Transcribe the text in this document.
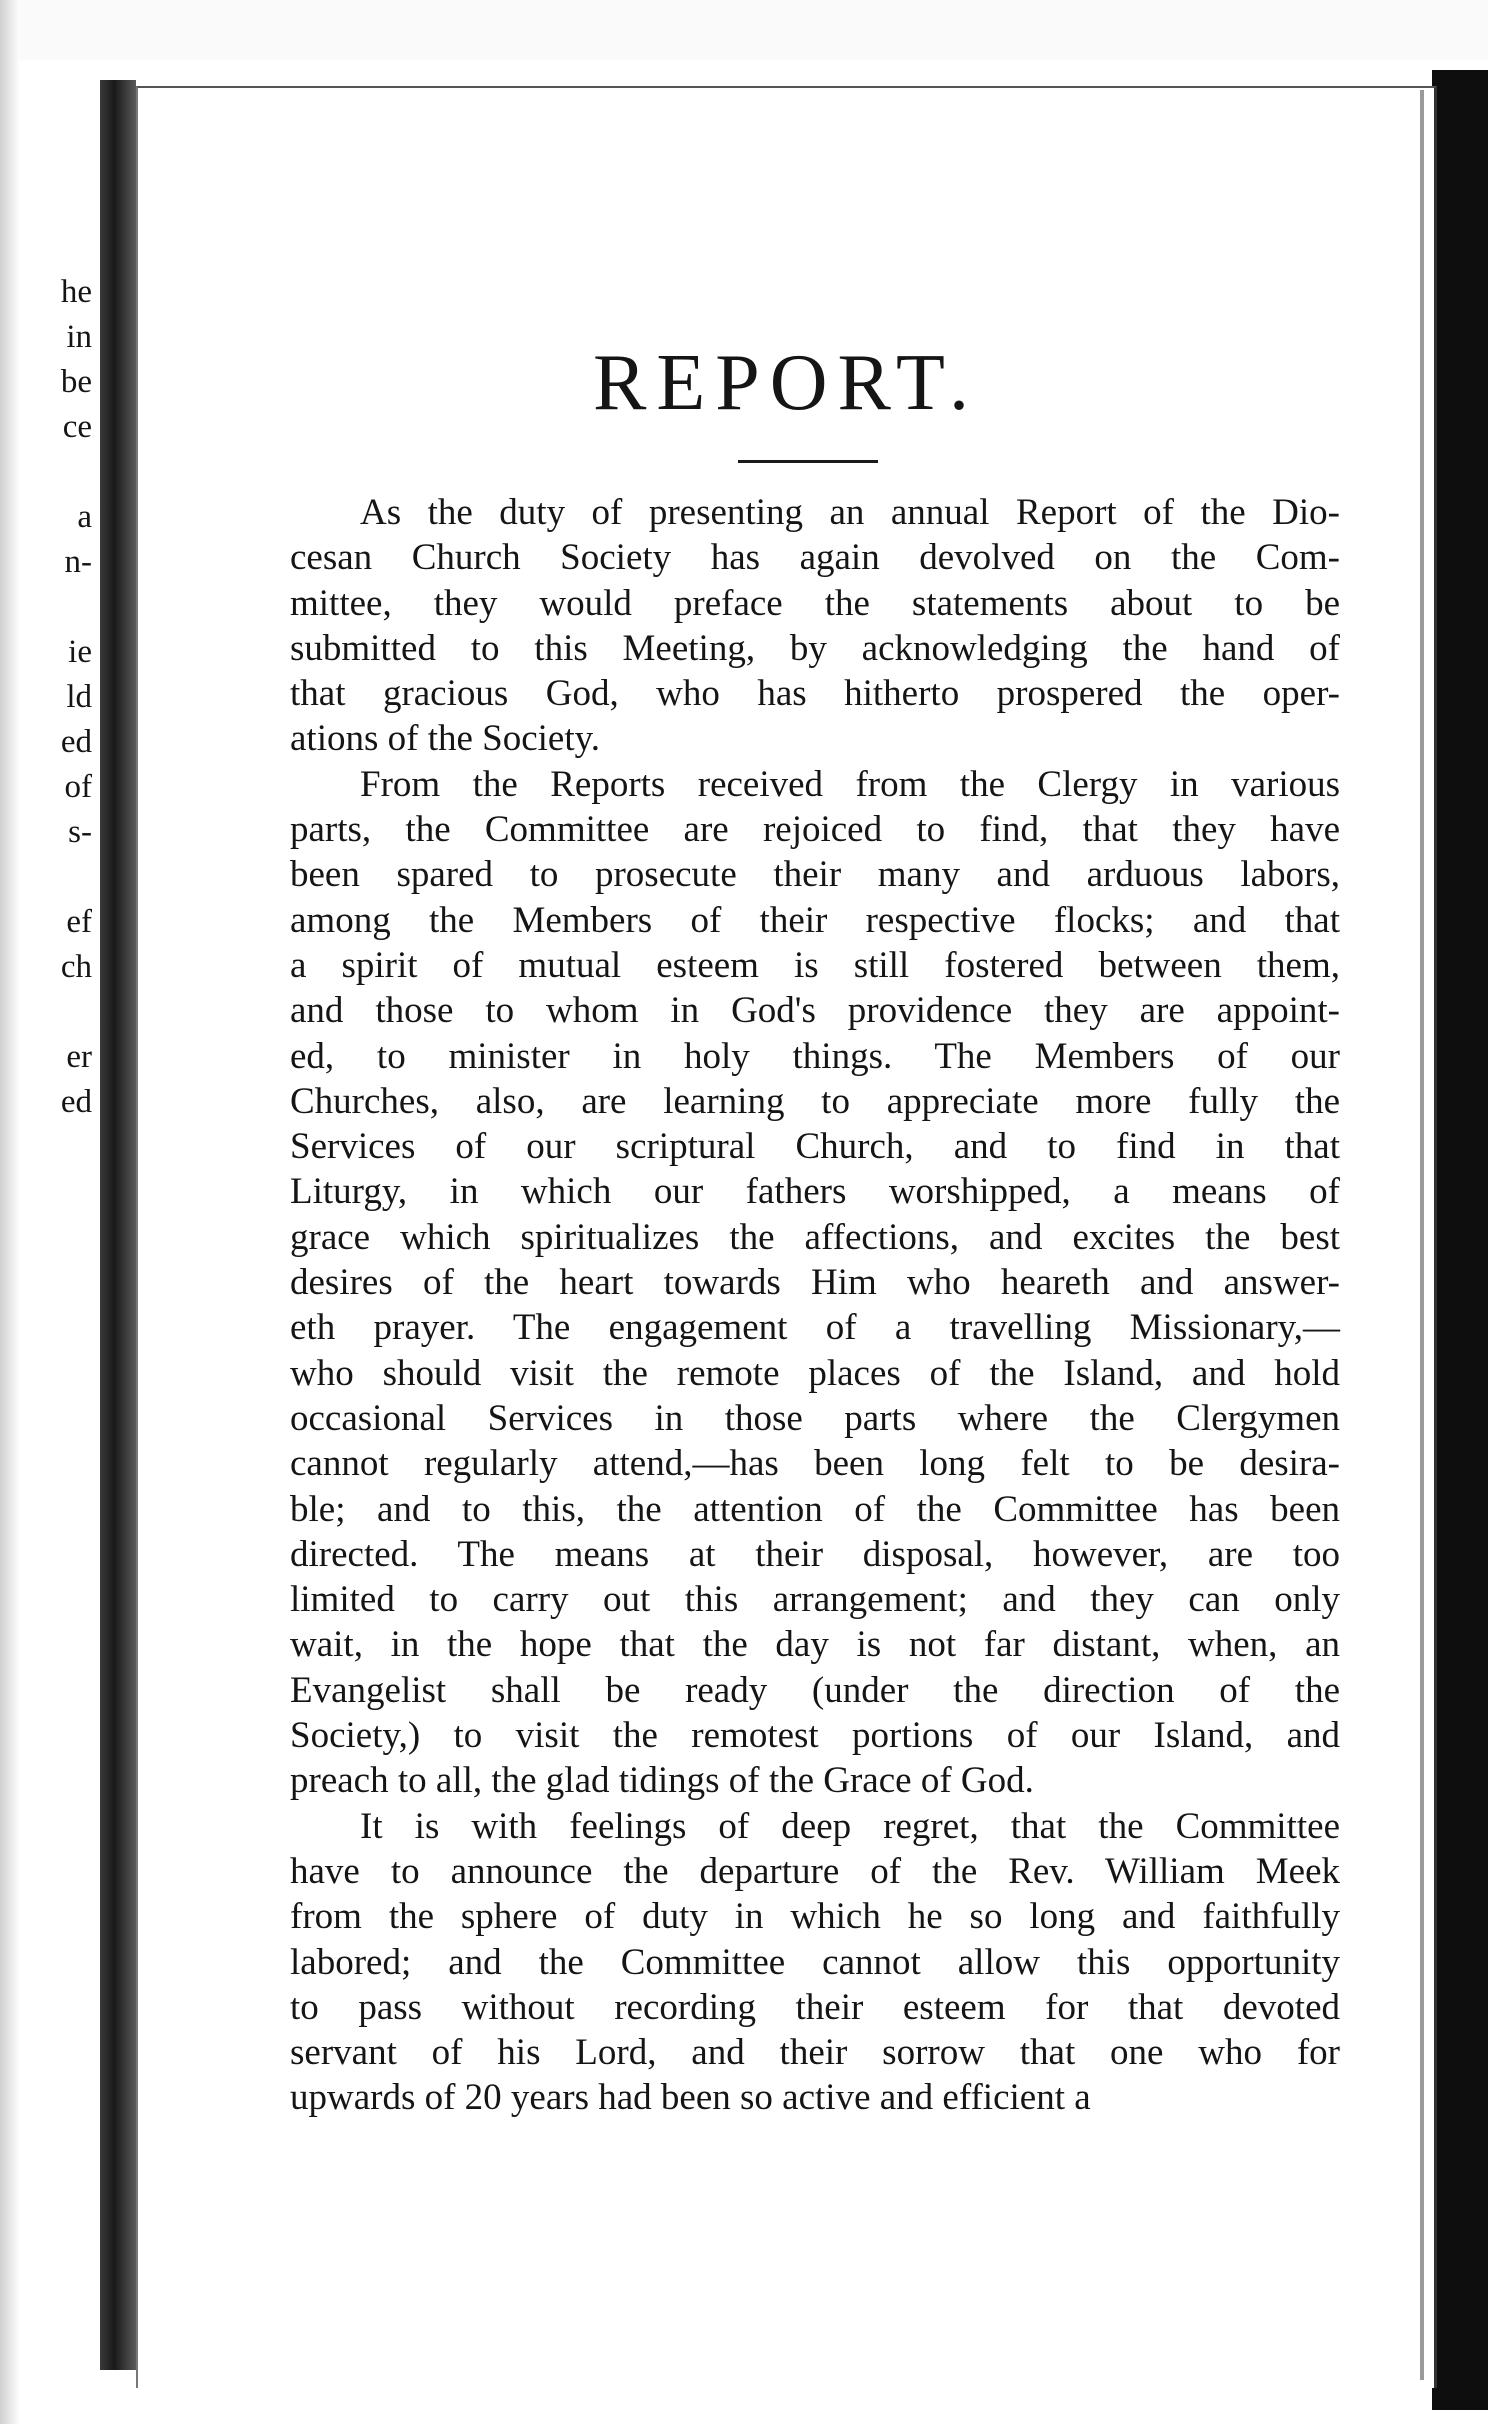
he
in
be
ce
a
n-
ie
ld
ed
of
s-
ef
ch
er
ed
REPORT.
As the duty of presenting an annual Report of the Dio-
cesan Church Society has again devolved on the Com-
mittee, they would preface the statements about to be
submitted to this Meeting, by acknowledging the hand of
that gracious God, who has hitherto prospered the oper-
ations of the Society.
From the Reports received from the Clergy in various
parts, the Committee are rejoiced to find, that they have
been spared to prosecute their many and arduous labors,
among the Members of their respective flocks; and that
a spirit of mutual esteem is still fostered between them,
and those to whom in God's providence they are appoint-
ed, to minister in holy things. The Members of our
Churches, also, are learning to appreciate more fully the
Services of our scriptural Church, and to find in that
Liturgy, in which our fathers worshipped, a means of
grace which spiritualizes the affections, and excites the best
desires of the heart towards Him who heareth and answer-
eth prayer. The engagement of a travelling Missionary,—
who should visit the remote places of the Island, and hold
occasional Services in those parts where the Clergymen
cannot regularly attend,—has been long felt to be desira-
ble; and to this, the attention of the Committee has been
directed. The means at their disposal, however, are too
limited to carry out this arrangement; and they can only
wait, in the hope that the day is not far distant, when, an
Evangelist shall be ready (under the direction of the
Society,) to visit the remotest portions of our Island, and
preach to all, the glad tidings of the Grace of God.
It is with feelings of deep regret, that the Committee
have to announce the departure of the Rev. William Meek
from the sphere of duty in which he so long and faithfully
labored; and the Committee cannot allow this opportunity
to pass without recording their esteem for that devoted
servant of his Lord, and their sorrow that one who for
upwards of 20 years had been so active and efficient a
